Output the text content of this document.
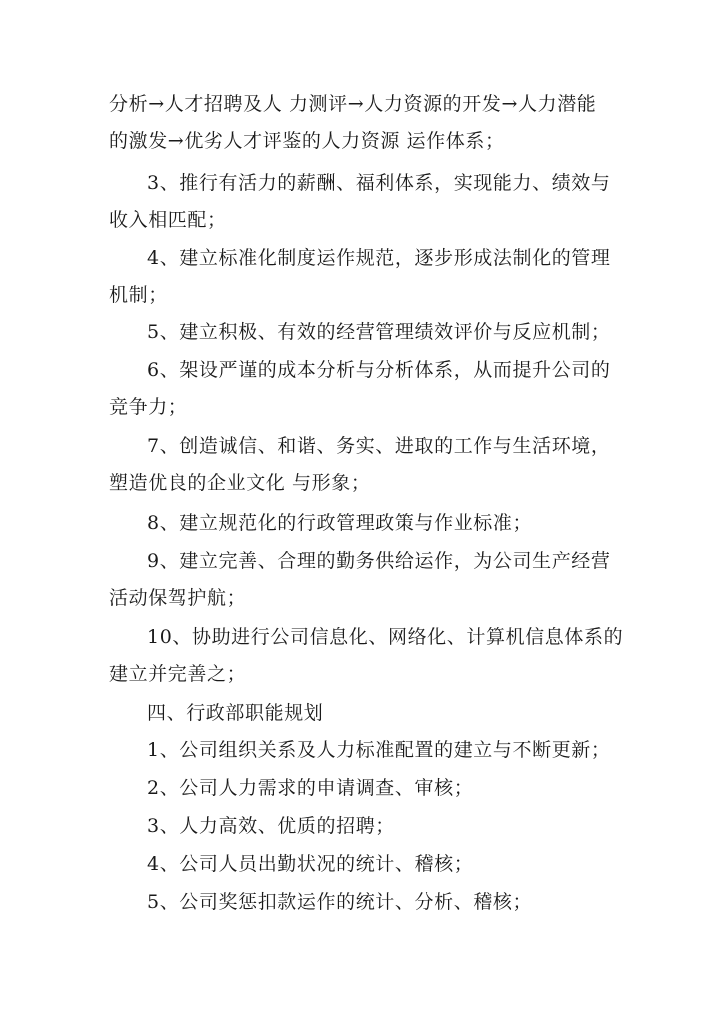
分析→人才招聘及人 力测评→人力资源的开发→人力潜能
的激发→优劣人才评鉴的人力资源 运作体系；
3、推行有活力的薪酬、福利体系，实现能力、绩效与
收入相匹配；
4、建立标准化制度运作规范，逐步形成法制化的管理
机制；
5、建立积极、有效的经营管理绩效评价与反应机制；
6、架设严谨的成本分析与分析体系，从而提升公司的
竞争力；
7、创造诚信、和谐、务实、进取的工作与生活环境，
塑造优良的企业文化 与形象；
8、建立规范化的行政管理政策与作业标准；
9、建立完善、合理的勤务供给运作，为公司生产经营
活动保驾护航；
10、协助进行公司信息化、网络化、计算机信息体系的
建立并完善之；
四、行政部职能规划
1、公司组织关系及人力标准配置的建立与不断更新；
2、公司人力需求的申请调查、审核；
3、人力高效、优质的招聘；
4、公司人员出勤状况的统计、稽核；
5、公司奖惩扣款运作的统计、分析、稽核；
